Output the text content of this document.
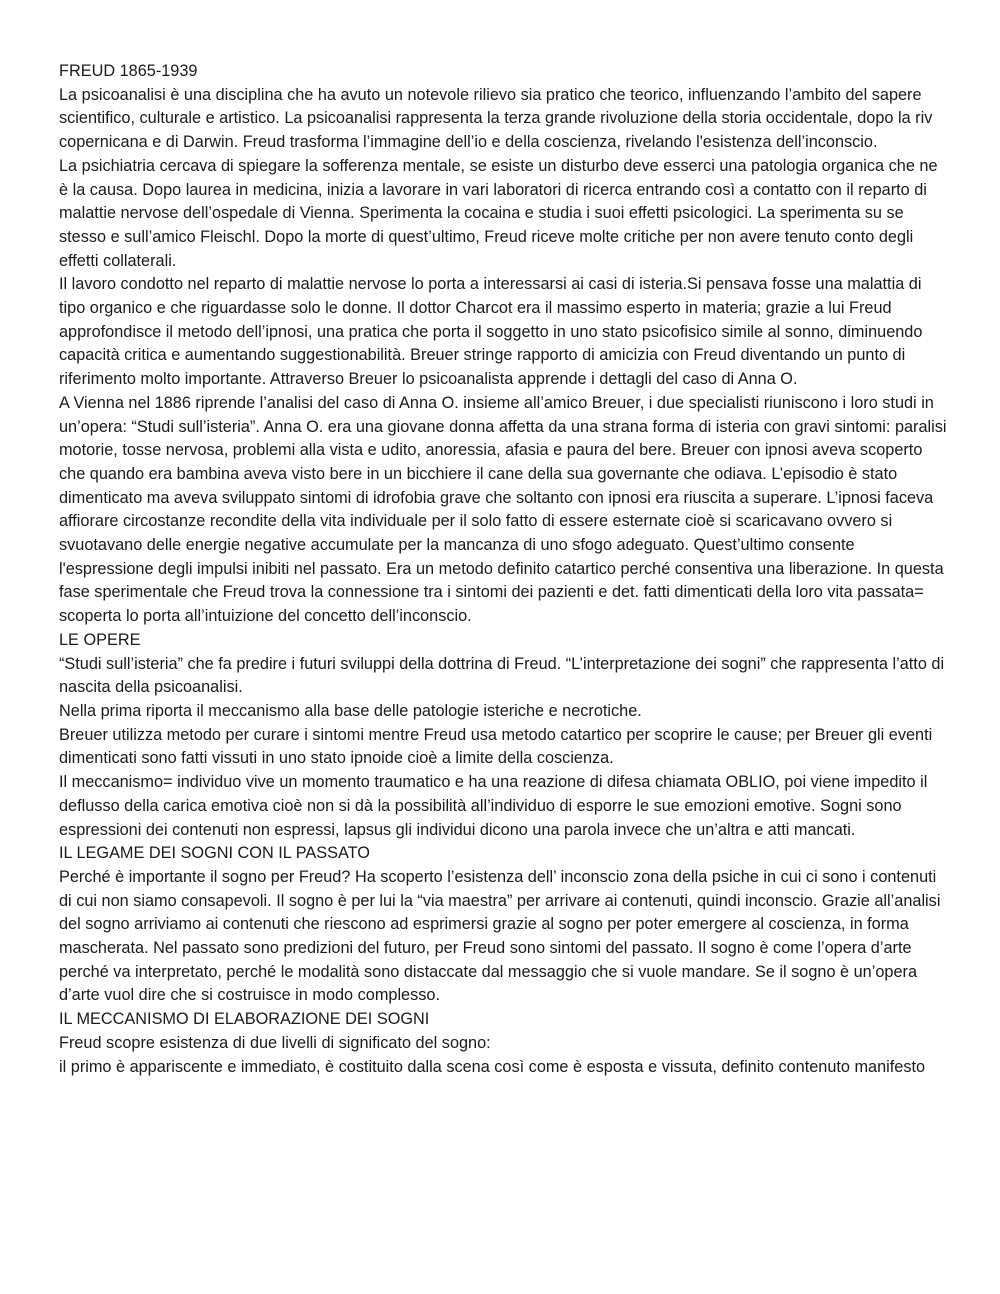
FREUD 1865-1939

La psicoanalisi è una disciplina che ha avuto un notevole rilievo sia pratico che teorico, influenzando l’ambito del sapere scientifico, culturale e artistico. La psicoanalisi rappresenta la terza grande rivoluzione della storia occidentale, dopo la riv copernicana e di Darwin. Freud trasforma l’immagine dell’io e della coscienza, rivelando l'esistenza dell’inconscio.

La psichiatria cercava di spiegare la sofferenza mentale, se esiste un disturbo deve esserci una patologia organica che ne è la causa. Dopo laurea in medicina, inizia a lavorare in vari laboratori di ricerca entrando così a contatto con il reparto di malattie nervose dell’ospedale di Vienna. Sperimenta la cocaina e studia i suoi effetti psicologici. La sperimenta su se stesso e sull’amico Fleischl. Dopo la morte di quest’ultimo, Freud riceve molte critiche per non avere tenuto conto degli effetti collaterali.

Il lavoro condotto nel reparto di malattie nervose lo porta a interessarsi ai casi di isteria.Si pensava fosse una malattia di tipo organico e che riguardasse solo le donne. Il dottor Charcot era il massimo esperto in materia; grazie a lui Freud approfondisce il metodo dell’ipnosi, una pratica che porta il soggetto in uno stato psicofisico simile al sonno, diminuendo capacità critica e aumentando suggestionabilità. Breuer stringe rapporto di amicizia con Freud diventando un punto di riferimento molto importante. Attraverso Breuer lo psicoanalista apprende i dettagli del caso di Anna O.

A Vienna nel 1886 riprende l’analisi del caso di Anna O. insieme all’amico Breuer, i due specialisti riuniscono i loro studi in un’opera: “Studi sull’isteria”. Anna O. era una giovane donna affetta da una strana forma di isteria con gravi sintomi: paralisi motorie, tosse nervosa, problemi alla vista e udito, anoressia, afasia e paura del bere. Breuer con ipnosi aveva scoperto che quando era bambina aveva visto bere in un bicchiere il cane della sua governante che odiava. L’episodio è stato dimenticato ma aveva sviluppato sintomi di idrofobia grave che soltanto con ipnosi era riuscita a superare. L’ipnosi faceva affiorare circostanze recondite della vita individuale per il solo fatto di essere esternate cioè si scaricavano ovvero si svuotavano delle energie negative accumulate per la mancanza di uno sfogo adeguato. Quest’ultimo consente l'espressione degli impulsi inibiti nel passato. Era un metodo definito catartico perché consentiva una liberazione. In questa fase sperimentale che Freud trova la connessione tra i sintomi dei pazienti e det. fatti dimenticati della loro vita passata= scoperta lo porta all’intuizione del concetto dell’inconscio.

LE OPERE

“Studi sull’isteria” che fa predire i futuri sviluppi della dottrina di Freud. “L’interpretazione dei sogni” che rappresenta l’atto di nascita della psicoanalisi.

Nella prima riporta il meccanismo alla base delle patologie isteriche e necrotiche.

Breuer utilizza metodo per curare i sintomi mentre Freud usa metodo catartico per scoprire le cause; per Breuer gli eventi dimenticati sono fatti vissuti in uno stato ipnoide cioè a limite della coscienza.

Il meccanismo= individuo vive un momento traumatico e ha una reazione di difesa chiamata OBLIO, poi viene impedito il deflusso della carica emotiva cioè non si dà la possibilità all’individuo di esporre le sue emozioni emotive. Sogni sono espressioni dei contenuti non espressi, lapsus gli individui dicono una parola invece che un’altra e atti mancati.

IL LEGAME DEI SOGNI CON IL PASSATO

Perché è importante il sogno per Freud? Ha scoperto l’esistenza dell’ inconscio zona della psiche in cui ci sono i contenuti di cui non siamo consapevoli. Il sogno è per lui la “via maestra” per arrivare ai contenuti, quindi inconscio. Grazie all’analisi del sogno arriviamo ai contenuti che riescono ad esprimersi grazie al sogno per poter emergere al coscienza, in forma mascherata. Nel passato sono predizioni del futuro, per Freud sono sintomi del passato. Il sogno è come l’opera d’arte perché va interpretato, perché le modalità sono distaccate dal messaggio che si vuole mandare. Se il sogno è un’opera d’arte vuol dire che si costruisce in modo complesso.

IL MECCANISMO DI ELABORAZIONE DEI SOGNI

Freud scopre esistenza di due livelli di significato del sogno:

il primo è appariscente e immediato, è costituito dalla scena così come è esposta e vissuta, definito contenuto manifesto
